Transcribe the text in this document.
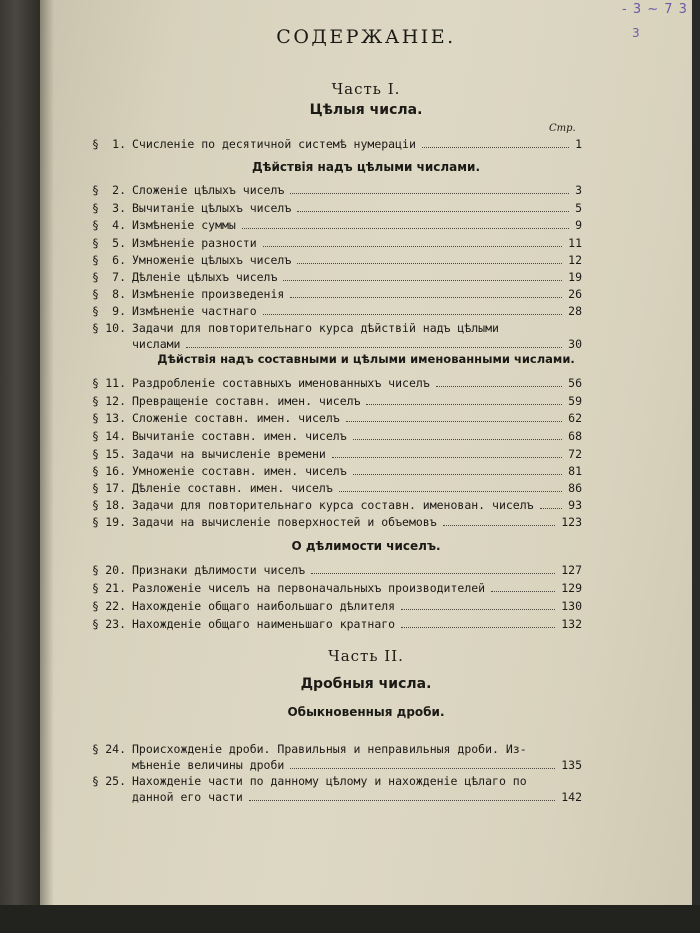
- 3 ~ 7 3
3
СОДЕРЖАНІЕ.
Часть I.
Цѣлыя числа.
Стр.
§	1. Счисленіе по десятичной системѣ нумераціи	1
Дѣйствія надъ цѣлыми числами.
§	2. Сложеніе цѣлыхъ чиселъ	3
§	3. Вычитаніе цѣлыхъ чиселъ	5
§	4. Измѣненіе суммы	9
§	5. Измѣненіе разности	11
§	6. Умноженіе цѣлыхъ чиселъ	12
§	7. Дѣленіе цѣлыхъ чиселъ	19
§	8. Измѣненіе произведенія	26
§	9. Измѣненіе частнаго	28
§ 10. Задачи для повторительнаго курса дѣйствій надъ цѣлыми
числами	30
Дѣйствія надъ составными и цѣлыми именованными числами.
§ 11. Раздробленіе составныхъ именованныхъ чиселъ	56
§ 12. Превращеніе составн. имен. чиселъ	59
§ 13. Сложеніе составн. имен. чиселъ	62
§ 14. Вычитаніе составн. имен. чиселъ	68
§ 15. Задачи на вычисленіе времени	72
§ 16. Умноженіе составн. имен. чиселъ	81
§ 17. Дѣленіе составн. имен. чиселъ	86
§ 18. Задачи для повторительнаго курса составн. именован. чиселъ	93
§ 19. Задачи на вычисленіе поверхностей и объемовъ	123
О дѣлимости чиселъ.
§ 20. Признаки дѣлимости чиселъ	127
§ 21. Разложеніе чиселъ на первоначальныхъ производителей	129
§ 22. Нахожденіе общаго наибольшаго дѣлителя	130
§ 23. Нахожденіе общаго наименьшаго кратнаго	132
Часть II.
Дробныя числа.
Обыкновенныя дроби.
§ 24. Происхожденіе дроби. Правильныя и неправильныя дроби. Из-
мѣненіе величины дроби	135
§ 25. Нахожденіе части по данному цѣлому и нахожденіе цѣлаго по
данной его части	142
